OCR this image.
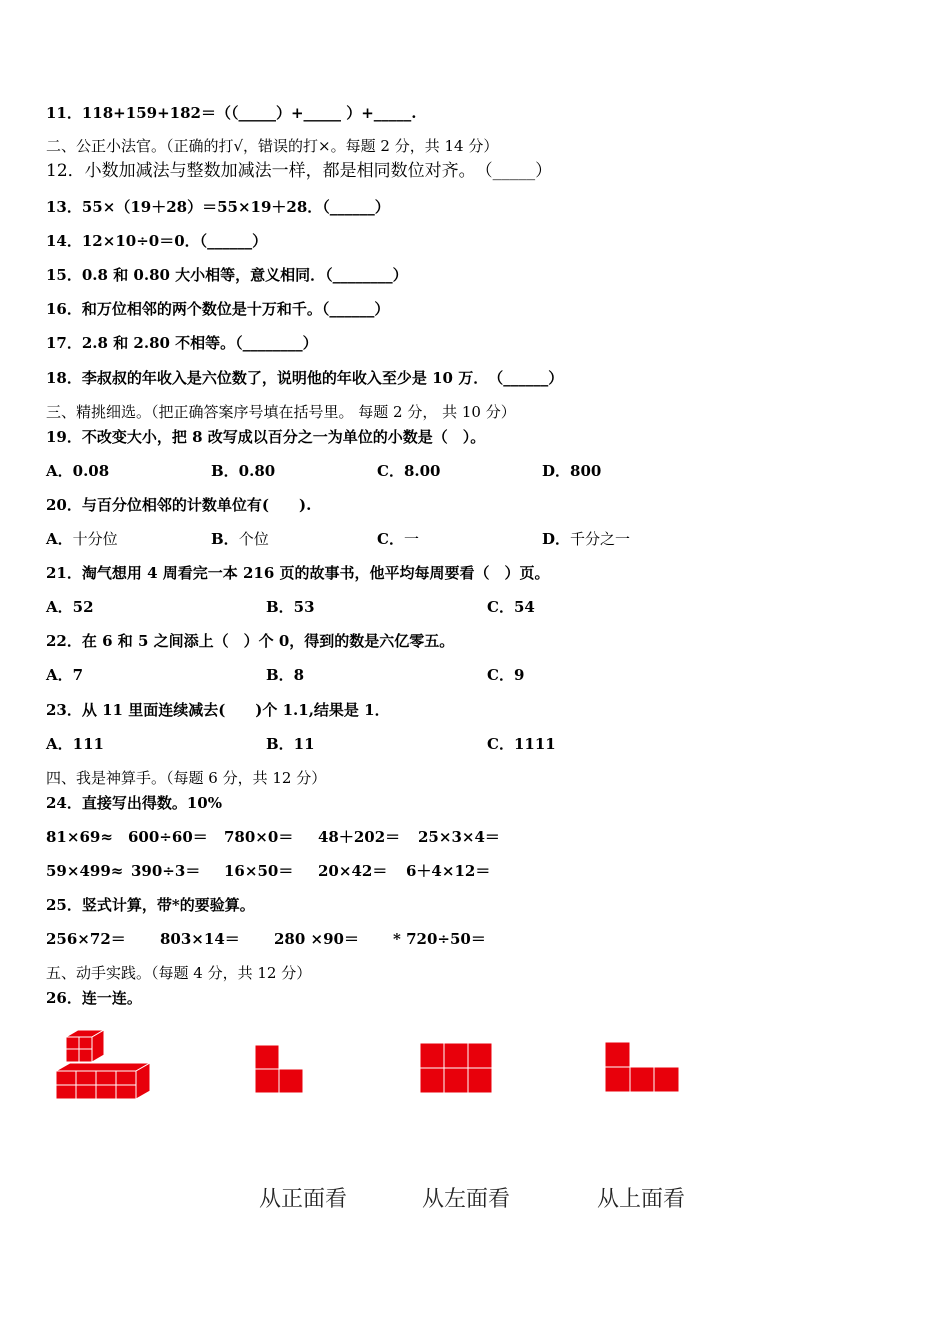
11．118+159+182＝（（_____）+_____ ）+_____.
二、公正小法官。（正确的打√，错误的打×。每题 2 分，共 14 分）
12．小数加减法与整数加减法一样，都是相同数位对齐。　（_____）
13．55×（19＋28）＝55×19＋28．（______）
14．12×10÷0＝0．（______）
15．0.8 和 0.80 大小相等，意义相同．（________）
16．和万位相邻的两个数位是十万和千。（______）
17．2.8 和 2.80 不相等。（________）
18．李叔叔的年收入是六位数了，说明他的年收入至少是 10 万．　（______）
三、精挑细选。（把正确答案序号填在括号里。 每题 2 分， 共 10 分）
19．不改变大小，把 8 改写成以百分之一为单位的小数是（　）。
A．0.08	B．0.80	C．8.00	D．800
20．与百分位相邻的计数单位有(　　).
A．十分位	B．个位	C．一	D．千分之一
21．淘气想用 4 周看完一本 216 页的故事书，他平均每周要看（　）页。
A．52	B．53	C．54
22．在 6 和 5 之间添上（　）个 0，得到的数是六亿零五。
A．7	B．8	C．9
23．从 11 里面连续减去(　　)个 1.1,结果是 1．
A．111	B．11	C．1111
四、我是神算手。（每题 6 分，共 12 分）
24．直接写出得数。10%
81×69≈ 600÷60＝ 780×0＝ 48＋202＝ 25×3×4＝
59×499≈ 390÷3＝ 16×50＝ 20×42＝ 6＋4×12＝
25．竖式计算，带*的要验算。
256×72＝ 803×14＝ 280 ×90＝ * 720÷50＝
五、动手实践。（每题 4 分，共 12 分）
26．连一连。
从正面看	从左面看	从上面看
